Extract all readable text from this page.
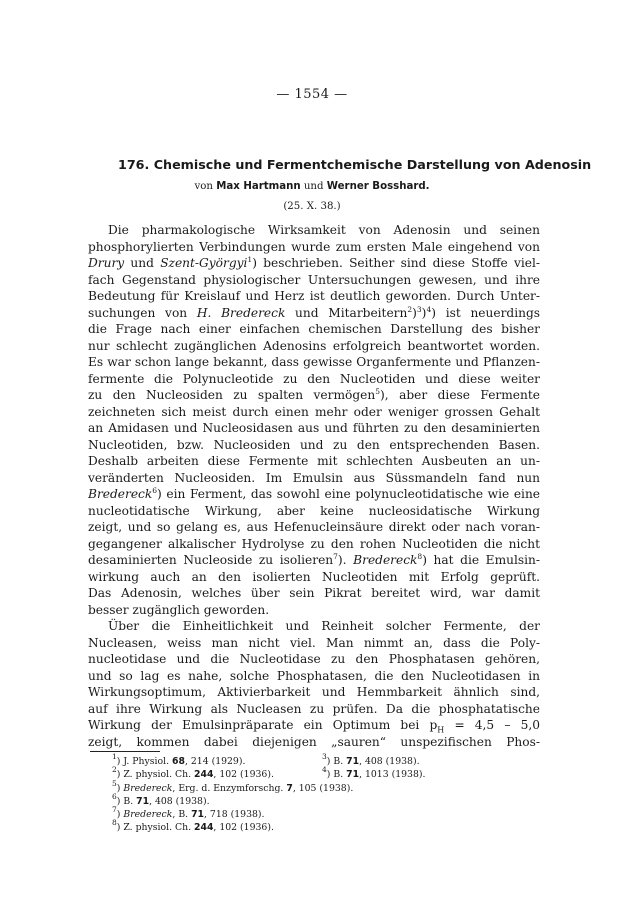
— 1554 —
176. Chemische und Fermentchemische Darstellung von Adenosin
von Max Hartmann und Werner Bosshard.
(25. X. 38.)
Die pharmakologische Wirksamkeit von Adenosin und seinen
phosphorylierten Verbindungen wurde zum ersten Male eingehend von
Drury und Szent-Györgyi$^1$) beschrieben. Seither sind diese Stoffe viel-
fach Gegenstand physiologischer Untersuchungen gewesen, und ihre
Bedeutung für Kreislauf und Herz ist deutlich geworden. Durch Unter-
suchungen von H. Bredereck und Mitarbeitern$^2$)$^3$)$^4$) ist neuerdings
die Frage nach einer einfachen chemischen Darstellung des bisher
nur schlecht zugänglichen Adenosins erfolgreich beantwortet worden.
Es war schon lange bekannt, dass gewisse Organfermente und Pflanzen-
fermente die Polynucleotide zu den Nucleotiden und diese weiter
zu den Nucleosiden zu spalten vermögen$^5$), aber diese Fermente
zeichneten sich meist durch einen mehr oder weniger grossen Gehalt
an Amidasen und Nucleosidasen aus und führten zu den desaminierten
Nucleotiden, bzw. Nucleosiden und zu den entsprechenden Basen.
Deshalb arbeiten diese Fermente mit schlechten Ausbeuten an un-
veränderten Nucleosiden. Im Emulsin aus Süssmandeln fand nun
Bredereck$^6$) ein Ferment, das sowohl eine polynucleotidatische wie eine
nucleotidatische Wirkung, aber keine nucleosidatische Wirkung
zeigt, und so gelang es, aus Hefenucleinsäure direkt oder nach voran-
gegangener alkalischer Hydrolyse zu den rohen Nucleotiden die nicht
desaminierten Nucleoside zu isolieren$^7$). Bredereck$^8$) hat die Emulsin-
wirkung auch an den isolierten Nucleotiden mit Erfolg geprüft.
Das Adenosin, welches über sein Pikrat bereitet wird, war damit
besser zugänglich geworden.
Über die Einheitlichkeit und Reinheit solcher Fermente, der
Nucleasen, weiss man nicht viel. Man nimmt an, dass die Poly-
nucleotidase und die Nucleotidase zu den Phosphatasen gehören,
und so lag es nahe, solche Phosphatasen, die den Nucleotidasen in
Wirkungsoptimum, Aktivierbarkeit und Hemmbarkeit ähnlich sind,
auf ihre Wirkung als Nucleasen zu prüfen. Da die phosphatatische
Wirkung der Emulsinpräparate ein Optimum bei $p_H = 4,5 - 5,0$
zeigt, kommen dabei diejenigen „sauren“ unspezifischen Phos-
$^1$) J. Physiol. 68, 214 (1929).	$^3$) B. 71, 408 (1938).
$^2$) Z. physiol. Ch. 244, 102 (1936).	$^4$) B. 71, 1013 (1938).
$^5$) Bredereck, Erg. d. Enzymforschg. 7, 105 (1938).
$^6$) B. 71, 408 (1938).
$^7$) Bredereck, B. 71, 718 (1938).
$^8$) Z. physiol. Ch. 244, 102 (1936).
